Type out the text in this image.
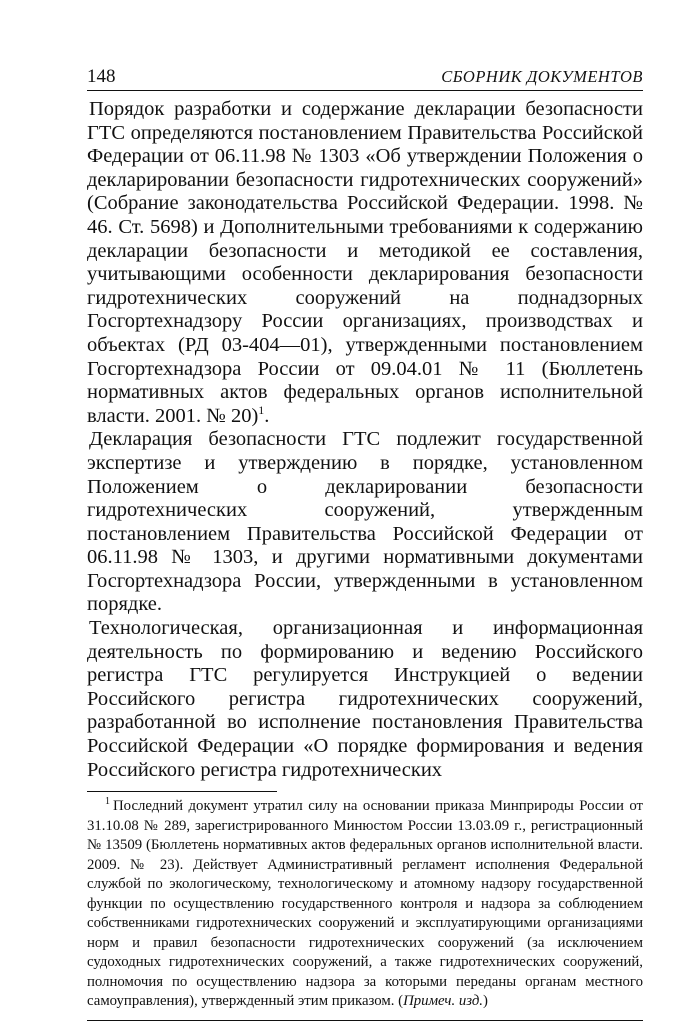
148	СБОРНИК ДОКУМЕНТОВ

Порядок разработки и содержание декларации безопасности ГТС определяются постановлением Правительства Российской Федерации от 06.11.98 № 1303 «Об утверждении Положения о декларировании безопасности гидротехнических сооружений» (Собрание законодательства Российской Федерации. 1998. № 46. Ст. 5698) и Дополнительными требованиями к содержанию декларации безопасности и методикой ее составления, учитывающими особенности декларирования безопасности гидротехнических сооружений на поднадзорных Госгортехнадзору России организациях, производствах и объектах (РД 03-404—01), утвержденными постановлением Госгортехнадзора России от 09.04.01 № 11 (Бюллетень нормативных актов федеральных органов исполнительной власти. 2001. № 20)$^1$.

Декларация безопасности ГТС подлежит государственной экспертизе и утверждению в порядке, установленном Положением о декларировании безопасности гидротехнических сооружений, утвержденным постановлением Правительства Российской Федерации от 06.11.98 № 1303, и другими нормативными документами Госгортехнадзора России, утвержденными в установленном порядке.

Технологическая, организационная и информационная деятельность по формированию и ведению Российского регистра ГТС регулируется Инструкцией о ведении Российского регистра гидротехнических сооружений, разработанной во исполнение постановления Правительства Российской Федерации «О порядке формирования и ведения Российского регистра гидротехнических

$^1$ Последний документ утратил силу на основании приказа Минприроды России от 31.10.08 № 289, зарегистрированного Минюстом России 13.03.09 г., регистрационный № 13509 (Бюллетень нормативных актов федеральных органов исполнительной власти. 2009. № 23). Действует Административный регламент исполнения Федеральной службой по экологическому, технологическому и атомному надзору государственной функции по осуществлению государственного контроля и надзора за соблюдением собственниками гидротехнических сооружений и эксплуатирующими организациями норм и правил безопасности гидротехнических сооружений (за исключением судоходных гидротехнических сооружений, а также гидротехнических сооружений, полномочия по осуществлению надзора за которыми переданы органам местного самоуправления), утвержденный этим приказом. (Примеч. изд.)
